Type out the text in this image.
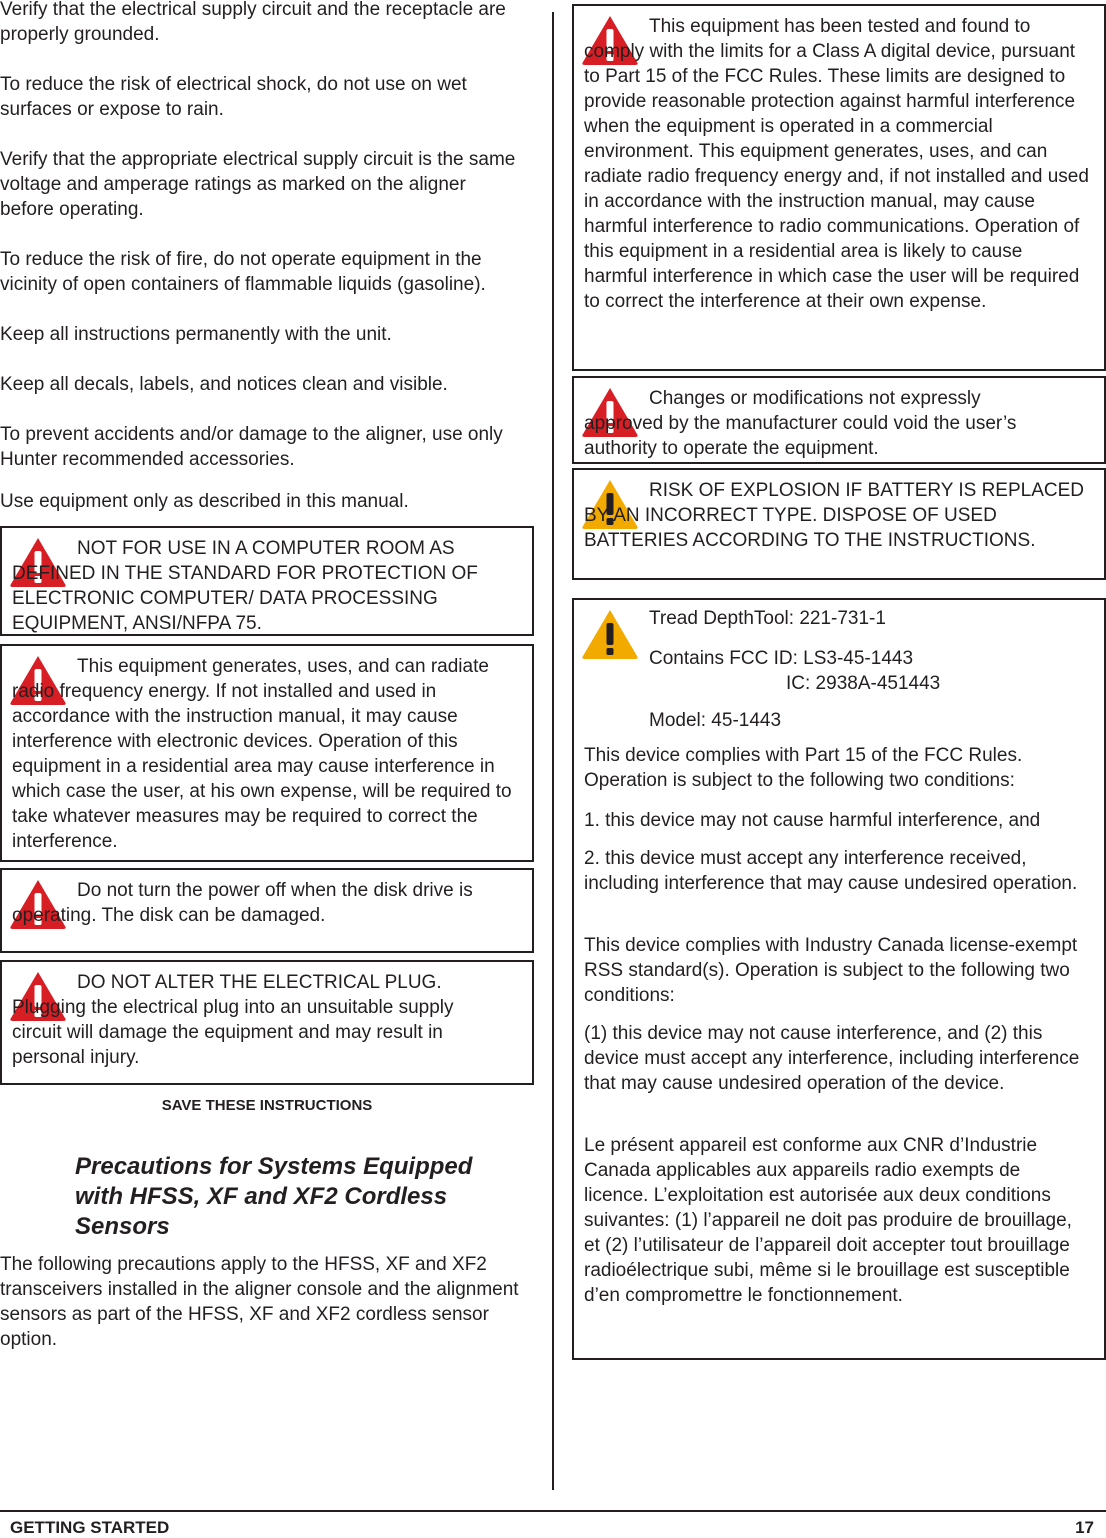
Verify that the electrical supply circuit and the receptacle are properly grounded.

To reduce the risk of electrical shock, do not use on wet surfaces or expose to rain.

Verify that the appropriate electrical supply circuit is the same voltage and amperage ratings as marked on the aligner before operating.

To reduce the risk of fire, do not operate equipment in the vicinity of open containers of flammable liquids (gasoline).

Keep all instructions permanently with the unit.

Keep all decals, labels, and notices clean and visible.

To prevent accidents and/or damage to the aligner, use only Hunter recommended accessories.

Use equipment only as described in this manual.

NOT FOR USE IN A COMPUTER ROOM AS DEFINED IN THE STANDARD FOR PROTECTION OF ELECTRONIC COMPUTER/ DATA PROCESSING EQUIPMENT, ANSI/NFPA 75.
This equipment generates, uses, and can radiate radio frequency energy. If not installed and used in accordance with the instruction manual, it may cause interference with electronic devices. Operation of this equipment in a residential area may cause interference in which case the user, at his own expense, will be required to take whatever measures may be required to correct the interference.
Do not turn the power off when the disk drive is operating. The disk can be damaged.
DO NOT ALTER THE ELECTRICAL PLUG. Plugging the electrical plug into an unsuitable supply circuit will damage the equipment and may result in personal injury.
SAVE THESE INSTRUCTIONS
Precautions for Systems Equipped with HFSS, XF and XF2 Cordless Sensors

The following precautions apply to the HFSS, XF and XF2 transceivers installed in the aligner console and the alignment sensors as part of the HFSS, XF and XF2 cordless sensor option.

This equipment has been tested and found to comply with the limits for a Class A digital device, pursuant to Part 15 of the FCC Rules. These limits are designed to provide reasonable protection against harmful interference when the equipment is operated in a commercial environment. This equipment generates, uses, and can radiate radio frequency energy and, if not installed and used in accordance with the instruction manual, may cause harmful interference to radio communications. Operation of this equipment in a residential area is likely to cause harmful interference in which case the user will be required to correct the interference at their own expense.
Changes or modifications not expressly approved by the manufacturer could void the user’s authority to operate the equipment.
RISK OF EXPLOSION IF BATTERY IS REPLACED BY AN INCORRECT TYPE. DISPOSE OF USED BATTERIES ACCORDING TO THE INSTRUCTIONS.

Tread DepthTool: 221-731-1

Contains FCC ID: LS3-45-1443

IC: 2938A-451443

Model: 45-1443

This device complies with Part 15 of the FCC Rules. Operation is subject to the following two conditions:

1. this device may not cause harmful interference, and

2. this device must accept any interference received, including interference that may cause undesired operation.

This device complies with Industry Canada license-exempt RSS standard(s). Operation is subject to the following two conditions:

(1) this device may not cause interference, and (2) this device must accept any interference, including interference that may cause undesired operation of the device.

Le présent appareil est conforme aux CNR d’Industrie Canada applicables aux appareils radio exempts de licence. L’exploitation est autorisée aux deux conditions suivantes: (1) l’appareil ne doit pas produire de brouillage, et (2) l’utilisateur de l’appareil doit accepter tout brouillage radioélectrique subi, même si le brouillage est susceptible d’en compromettre le fonctionnement.

GETTING STARTED	17
